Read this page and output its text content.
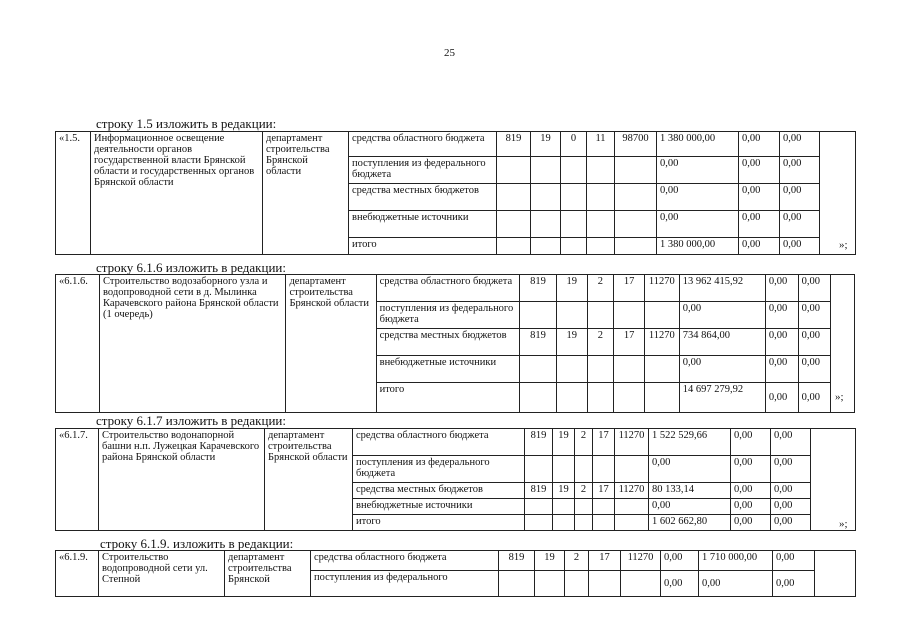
25
строку 1.5 изложить в редакции:
«1.5.	Информационное освещение деятельности органов государственной власти Брянской области и государственных органов Брянской области	департамент строительства Брянской области	средства областного бюджета	819	19	0	11	98700	1 380 000,00	0,00	0,00	
			поступления из федерального бюджета						0,00	0,00	0,00	
			средства местных бюджетов						0,00	0,00	0,00	
			внебюджетные источники						0,00	0,00	0,00	
			итого						1 380 000,00	0,00	0,00		»;
строку 6.1.6 изложить в редакции:
«6.1.6.	Строительство водозаборного узла и водопроводной сети в д. Мылинка Карачевского района Брянской области (1 очередь)	департамент строительства Брянской области	средства областного бюджета	819	19	2	17	11270	13 962 415,92	0,00	0,00	
			поступления из федерального бюджета						0,00	0,00	0,00	
			средства местных бюджетов	819	19	2	17	11270	734 864,00	0,00	0,00	
			внебюджетные источники						0,00	0,00	0,00	
			итого						14 697 279,92	0,00	0,00	»;
строку 6.1.7 изложить в редакции:
«6.1.7.	Строительство водонапорной башни н.п. Лужецкая Карачевского района Брянской области	департамент строительства Брянской области	средства областного бюджета	819	19	2	17	11270	1 522 529,66	0,00	0,00	
			поступления из федерального бюджета						0,00	0,00	0,00	
			средства местных бюджетов	819	19	2	17	11270	80 133,14	0,00	0,00	
			внебюджетные источники						0,00	0,00	0,00	
			итого						1 602 662,80	0,00	0,00		»;
строку 6.1.9. изложить в редакции:
«6.1.9.	Строительство водопроводной сети ул. Степной	департамент строительства Брянской	средства областного бюджета	819	19	2	17	11270	0,00	1 710 000,00	0,00	
			поступления из федерального						0,00	0,00	0,00	
